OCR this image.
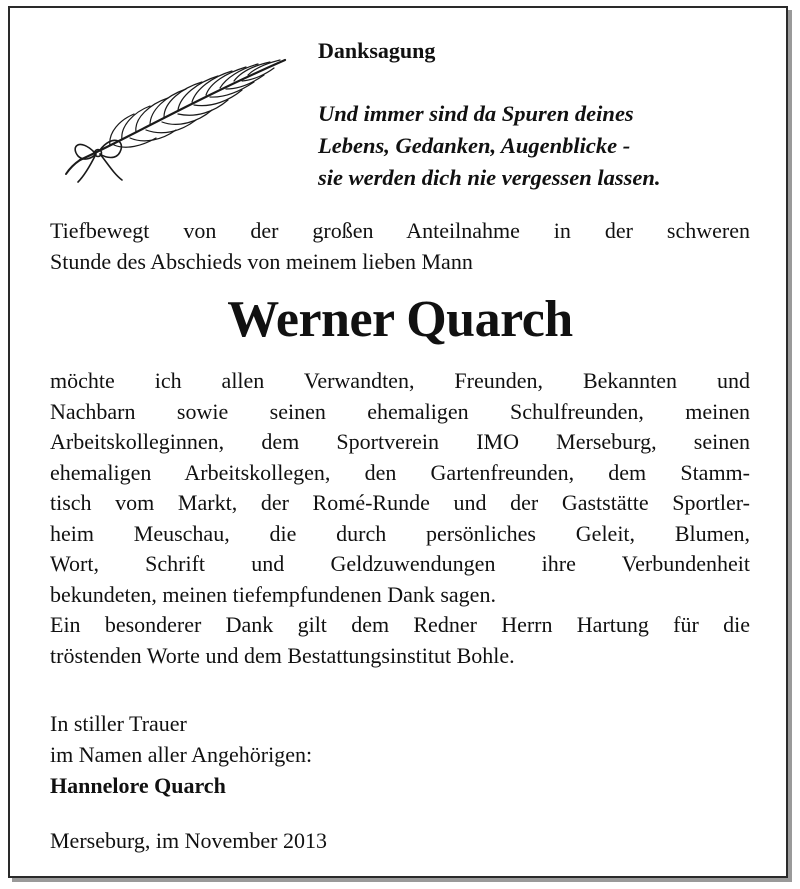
Danksagung
Und immer sind da Spuren deines
Lebens, Gedanken, Augenblicke -
sie werden dich nie vergessen lassen.
Tiefbewegt von der großen Anteilnahme in der schweren
Stunde des Abschieds von meinem lieben Mann
Werner Quarch
möchte ich allen Verwandten, Freunden, Bekannten und
Nachbarn sowie seinen ehemaligen Schulfreunden, meinen
Arbeitskolleginnen, dem Sportverein IMO Merseburg, seinen
ehemaligen Arbeitskollegen, den Gartenfreunden, dem Stamm-
tisch vom Markt, der Romé-Runde und der Gaststätte Sportler-
heim Meuschau, die durch persönliches Geleit, Blumen,
Wort, Schrift und Geldzuwendungen ihre Verbundenheit
bekundeten, meinen tiefempfundenen Dank sagen.
Ein besonderer Dank gilt dem Redner Herrn Hartung für die
tröstenden Worte und dem Bestattungsinstitut Bohle.
In stiller Trauer
im Namen aller Angehörigen:
Hannelore Quarch
Merseburg, im November 2013
